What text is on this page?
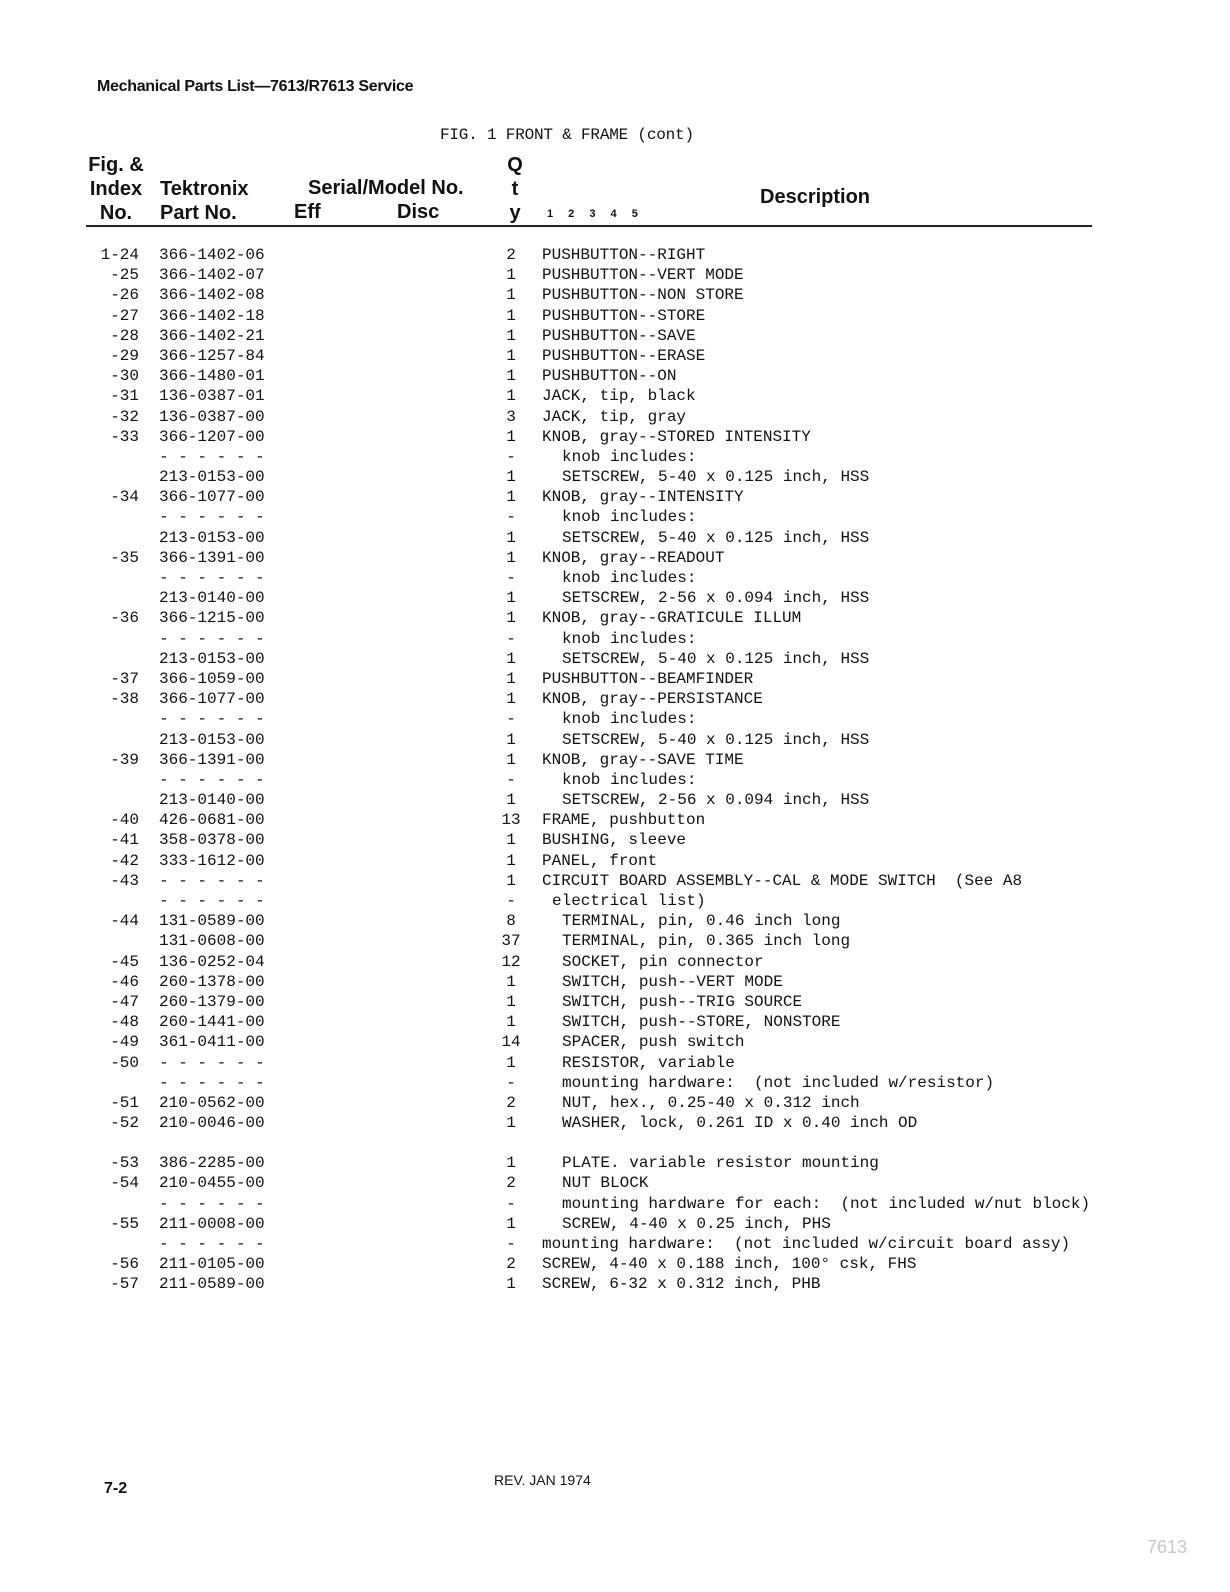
Mechanical Parts List—7613/R7613 Service
FIG. 1 FRONT & FRAME (cont)
Fig. &
Index
No.
Tektronix
Part No.
Serial/Model No.
Eff	Disc
Q
t
y	1 2 3 4 5
Description
1-24 366-1402-06	2	PUSHBUTTON--RIGHT
-25 366-1402-07	1	PUSHBUTTON--VERT MODE
-26 366-1402-08	1	PUSHBUTTON--NON STORE
-27 366-1402-18	1	PUSHBUTTON--STORE
-28 366-1402-21	1	PUSHBUTTON--SAVE
-29 366-1257-84	1	PUSHBUTTON--ERASE
-30 366-1480-01	1	PUSHBUTTON--ON
-31 136-0387-01	1	JACK, tip, black
-32 136-0387-00	3	JACK, tip, gray
-33 366-1207-00	1	KNOB, gray--STORED INTENSITY
- - - - - -	-	knob includes:
213-0153-00	1	SETSCREW, 5-40 x 0.125 inch, HSS
-34 366-1077-00	1	KNOB, gray--INTENSITY
- - - - - -	-	knob includes:
213-0153-00	1	SETSCREW, 5-40 x 0.125 inch, HSS
-35 366-1391-00	1	KNOB, gray--READOUT
- - - - - -	-	knob includes:
213-0140-00	1	SETSCREW, 2-56 x 0.094 inch, HSS
-36 366-1215-00	1	KNOB, gray--GRATICULE ILLUM
- - - - - -	-	knob includes:
213-0153-00	1	SETSCREW, 5-40 x 0.125 inch, HSS
-37 366-1059-00	1	PUSHBUTTON--BEAMFINDER
-38 366-1077-00	1	KNOB, gray--PERSISTANCE
- - - - - -	-	knob includes:
213-0153-00	1	SETSCREW, 5-40 x 0.125 inch, HSS
-39 366-1391-00	1	KNOB, gray--SAVE TIME
- - - - - -	-	knob includes:
213-0140-00	1	SETSCREW, 2-56 x 0.094 inch, HSS
-40 426-0681-00	13 FRAME, pushbutton
-41 358-0378-00	1	BUSHING, sleeve
-42 333-1612-00	1	PANEL, front
-43 - - - - - -	1	CIRCUIT BOARD ASSEMBLY--CAL & MODE SWITCH  (See A8
- - - - - -	-	electrical list)
-44 131-0589-00	8	TERMINAL, pin, 0.46 inch long
131-0608-00	37	TERMINAL, pin, 0.365 inch long
-45 136-0252-04	12	SOCKET, pin connector
-46 260-1378-00	1	SWITCH, push--VERT MODE
-47 260-1379-00	1	SWITCH, push--TRIG SOURCE
-48 260-1441-00	1	SWITCH, push--STORE, NONSTORE
-49 361-0411-00	14	SPACER, push switch
-50 - - - - - -	1	RESISTOR, variable
- - - - - -	-	mounting hardware:  (not included w/resistor)
-51 210-0562-00	2	NUT, hex., 0.25-40 x 0.312 inch
-52 210-0046-00	1	WASHER, lock, 0.261 ID x 0.40 inch OD
-53 386-2285-00	1	PLATE. variable resistor mounting
-54 210-0455-00	2	NUT BLOCK
- - - - - -	-	mounting hardware for each:  (not included w/nut block)
-55 211-0008-00	1	SCREW, 4-40 x 0.25 inch, PHS
- - - - - -	-	mounting hardware:  (not included w/circuit board assy)
-56 211-0105-00	2	SCREW, 4-40 x 0.188 inch, 100° csk, FHS
-57 211-0589-00	1	SCREW, 6-32 x 0.312 inch, PHB
REV. JAN 1974
7-2
7613
